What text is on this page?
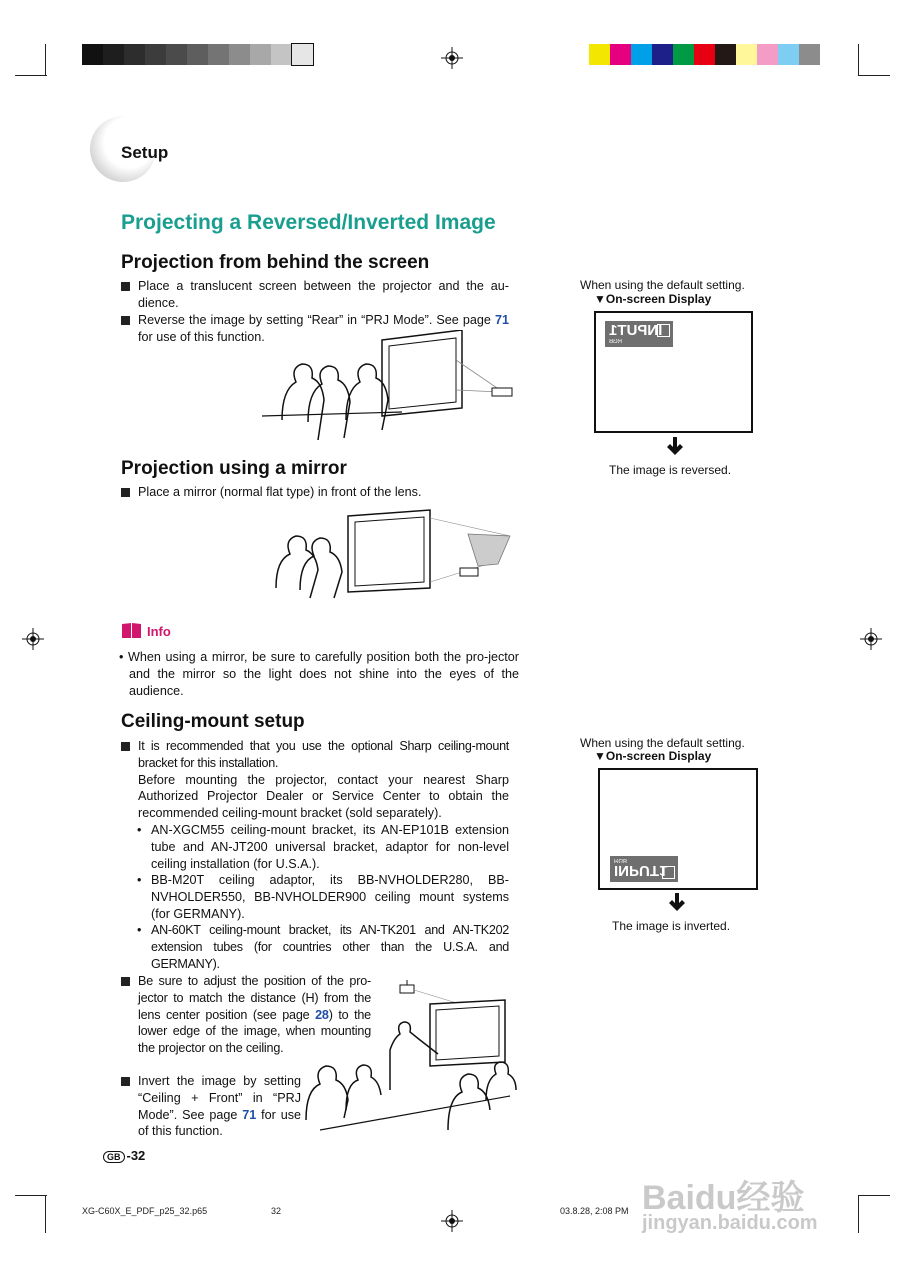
Setup
Projecting a Reversed/Inverted Image
Projection from behind the screen
Place a translucent screen between the projector and the au-dience.
Reverse the image by setting “Rear” in “PRJ Mode”. See page 71 for use of this function.
Projection using a mirror
Place a mirror (normal flat type) in front of the lens.
Info
• When using a mirror, be sure to carefully position both the pro-jector and the mirror so the light does not shine into the eyes of the audience.
Ceiling-mount setup
It is recommended that you use the optional Sharp ceiling-mount bracket for this installation.
Before mounting the projector, contact your nearest Sharp Authorized Projector Dealer or Service Center to obtain the recommended ceiling-mount bracket (sold separately).
• AN-XGCM55 ceiling-mount bracket, its AN-EP101B extension tube and AN-JT200 universal bracket, adaptor for non-level ceiling installation (for U.S.A.).
• BB-M20T ceiling adaptor, its BB-NVHOLDER280, BB-NVHOLDER550, BB-NVHOLDER900 ceiling mount systems (for GERMANY).
• AN-60KT ceiling-mount bracket, its AN-TK201 and AN-TK202 extension tubes (for countries other than the U.S.A. and GERMANY).
Be sure to adjust the position of the pro-jector to match the distance (H) from the lens center position (see page 28) to the lower edge of the image, when mounting the projector on the ceiling.
Invert the image by setting “Ceiling + Front” in “PRJ Mode”. See page 71 for use of this function.
When using the default setting.
▼On-screen Display
INPUT1
RGB
The image is reversed.
When using the default setting.
▼On-screen Display
INPUT1
RGB
The image is inverted.
GB -32
XG-C60X_E_PDF_p25_32.p65	32	03.8.28, 2:08 PM Baidu经验
jingyan.baidu.com
